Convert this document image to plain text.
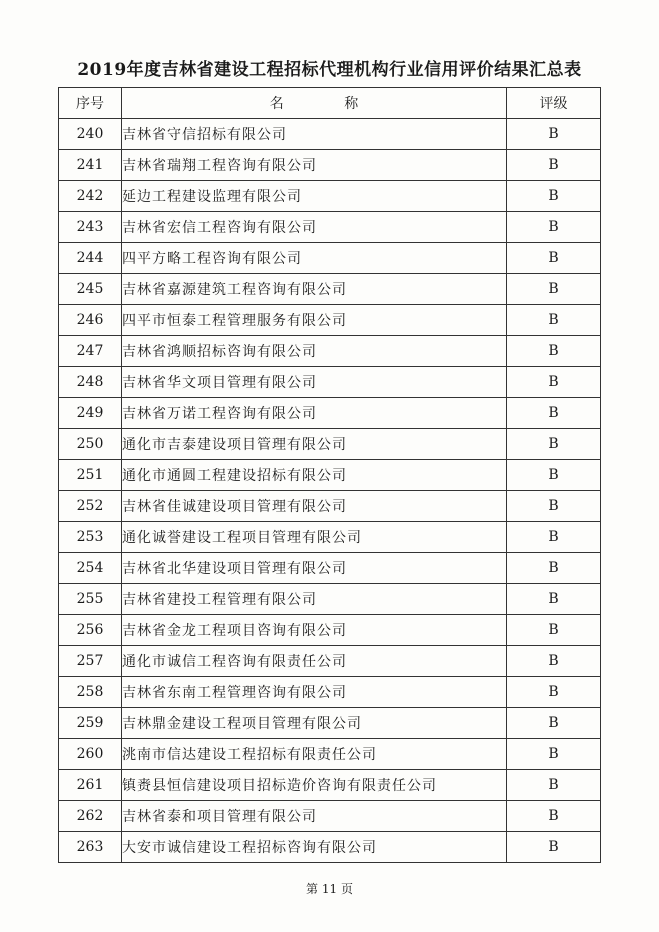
2019年度吉林省建设工程招标代理机构行业信用评价结果汇总表
序号	名 称	评级
240	吉林省守信招标有限公司	B
241	吉林省瑞翔工程咨询有限公司	B
242	延边工程建设监理有限公司	B
243	吉林省宏信工程咨询有限公司	B
244	四平方略工程咨询有限公司	B
245	吉林省嘉源建筑工程咨询有限公司	B
246	四平市恒泰工程管理服务有限公司	B
247	吉林省鸿顺招标咨询有限公司	B
248	吉林省华文项目管理有限公司	B
249	吉林省万诺工程咨询有限公司	B
250	通化市吉泰建设项目管理有限公司	B
251	通化市通圆工程建设招标有限公司	B
252	吉林省佳诚建设项目管理有限公司	B
253	通化诚誉建设工程项目管理有限公司	B
254	吉林省北华建设项目管理有限公司	B
255	吉林省建投工程管理有限公司	B
256	吉林省金龙工程项目咨询有限公司	B
257	通化市诚信工程咨询有限责任公司	B
258	吉林省东南工程管理咨询有限公司	B
259	吉林鼎金建设工程项目管理有限公司	B
260	洮南市信达建设工程招标有限责任公司	B
261	镇赉县恒信建设项目招标造价咨询有限责任公司	B
262	吉林省泰和项目管理有限公司	B
263	大安市诚信建设工程招标咨询有限公司	B
第 11 页
